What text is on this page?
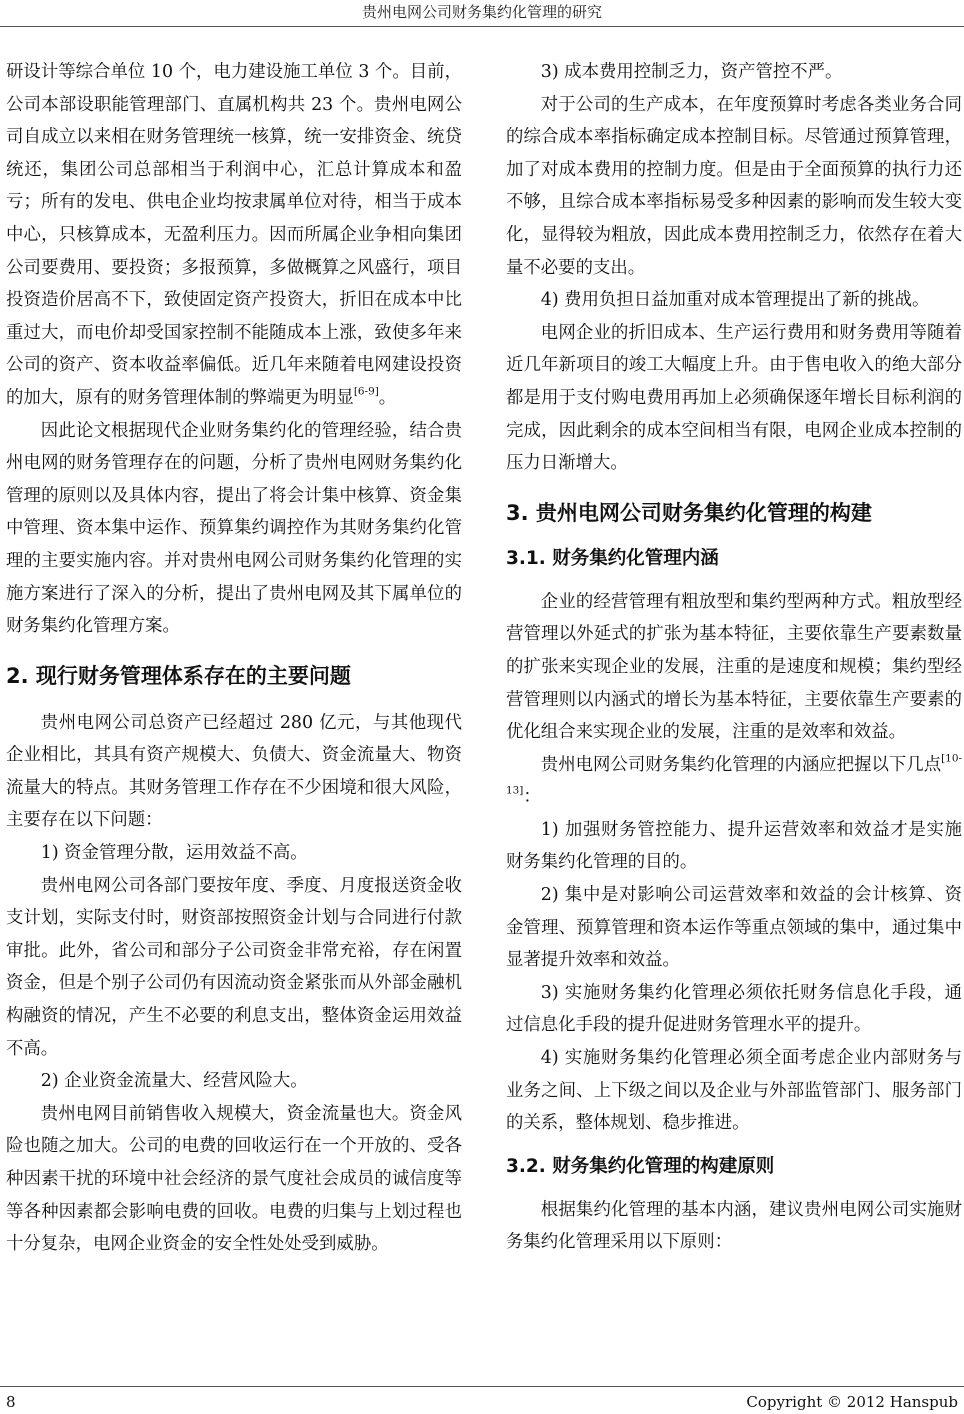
贵州电网公司财务集约化管理的研究

研设计等综合单位 10 个，电力建设施工单位 3 个。目前，公司本部设职能管理部门、直属机构共 23 个。贵州电网公司自成立以来相在财务管理统一核算，统一安排资金、统贷统还，集团公司总部相当于利润中心，汇总计算成本和盈亏；所有的发电、供电企业均按隶属单位对待，相当于成本中心，只核算成本，无盈利压力。因而所属企业争相向集团公司要费用、要投资；多报预算，多做概算之风盛行，项目投资造价居高不下，致使固定资产投资大，折旧在成本中比重过大，而电价却受国家控制不能随成本上涨，致使多年来公司的资产、资本收益率偏低。近几年来随着电网建设投资的加大，原有的财务管理体制的弊端更为明显[6-9]。

因此论文根据现代企业财务集约化的管理经验，结合贵州电网的财务管理存在的问题，分析了贵州电网财务集约化管理的原则以及具体内容，提出了将会计集中核算、资金集中管理、资本集中运作、预算集约调控作为其财务集约化管理的主要实施内容。并对贵州电网公司财务集约化管理的实施方案进行了深入的分析，提出了贵州电网及其下属单位的财务集约化管理方案。

2. 现行财务管理体系存在的主要问题

贵州电网公司总资产已经超过 280 亿元，与其他现代企业相比，其具有资产规模大、负债大、资金流量大、物资流量大的特点。其财务管理工作存在不少困境和很大风险，主要存在以下问题：

1) 资金管理分散，运用效益不高。

贵州电网公司各部门要按年度、季度、月度报送资金收支计划，实际支付时，财资部按照资金计划与合同进行付款审批。此外，省公司和部分子公司资金非常充裕，存在闲置资金，但是个别子公司仍有因流动资金紧张而从外部金融机构融资的情况，产生不必要的利息支出，整体资金运用效益不高。

2) 企业资金流量大、经营风险大。

贵州电网目前销售收入规模大，资金流量也大。资金风险也随之加大。公司的电费的回收运行在一个开放的、受各种因素干扰的环境中社会经济的景气度社会成员的诚信度等等各种因素都会影响电费的回收。电费的归集与上划过程也十分复杂，电网企业资金的安全性处处受到威胁。

3) 成本费用控制乏力，资产管控不严。

对于公司的生产成本，在年度预算时考虑各类业务合同的综合成本率指标确定成本控制目标。尽管通过预算管理，加了对成本费用的控制力度。但是由于全面预算的执行力还不够，且综合成本率指标易受多种因素的影响而发生较大变化，显得较为粗放，因此成本费用控制乏力，依然存在着大量不必要的支出。

4) 费用负担日益加重对成本管理提出了新的挑战。

电网企业的折旧成本、生产运行费用和财务费用等随着近几年新项目的竣工大幅度上升。由于售电收入的绝大部分都是用于支付购电费用再加上必须确保逐年增长目标利润的完成，因此剩余的成本空间相当有限，电网企业成本控制的压力日渐增大。

3. 贵州电网公司财务集约化管理的构建
3.1. 财务集约化管理内涵

企业的经营管理有粗放型和集约型两种方式。粗放型经营管理以外延式的扩张为基本特征，主要依靠生产要素数量的扩张来实现企业的发展，注重的是速度和规模；集约型经营管理则以内涵式的增长为基本特征，主要依靠生产要素的优化组合来实现企业的发展，注重的是效率和效益。

贵州电网公司财务集约化管理的内涵应把握以下几点[10-13]：

1) 加强财务管控能力、提升运营效率和效益才是实施财务集约化管理的目的。

2) 集中是对影响公司运营效率和效益的会计核算、资金管理、预算管理和资本运作等重点领域的集中，通过集中显著提升效率和效益。

3) 实施财务集约化管理必须依托财务信息化手段，通过信息化手段的提升促进财务管理水平的提升。

4) 实施财务集约化管理必须全面考虑企业内部财务与业务之间、上下级之间以及企业与外部监管部门、服务部门的关系，整体规划、稳步推进。

3.2. 财务集约化管理的构建原则

根据集约化管理的基本内涵，建议贵州电网公司实施财务集约化管理采用以下原则：

8	Copyright © 2012 Hanspub
